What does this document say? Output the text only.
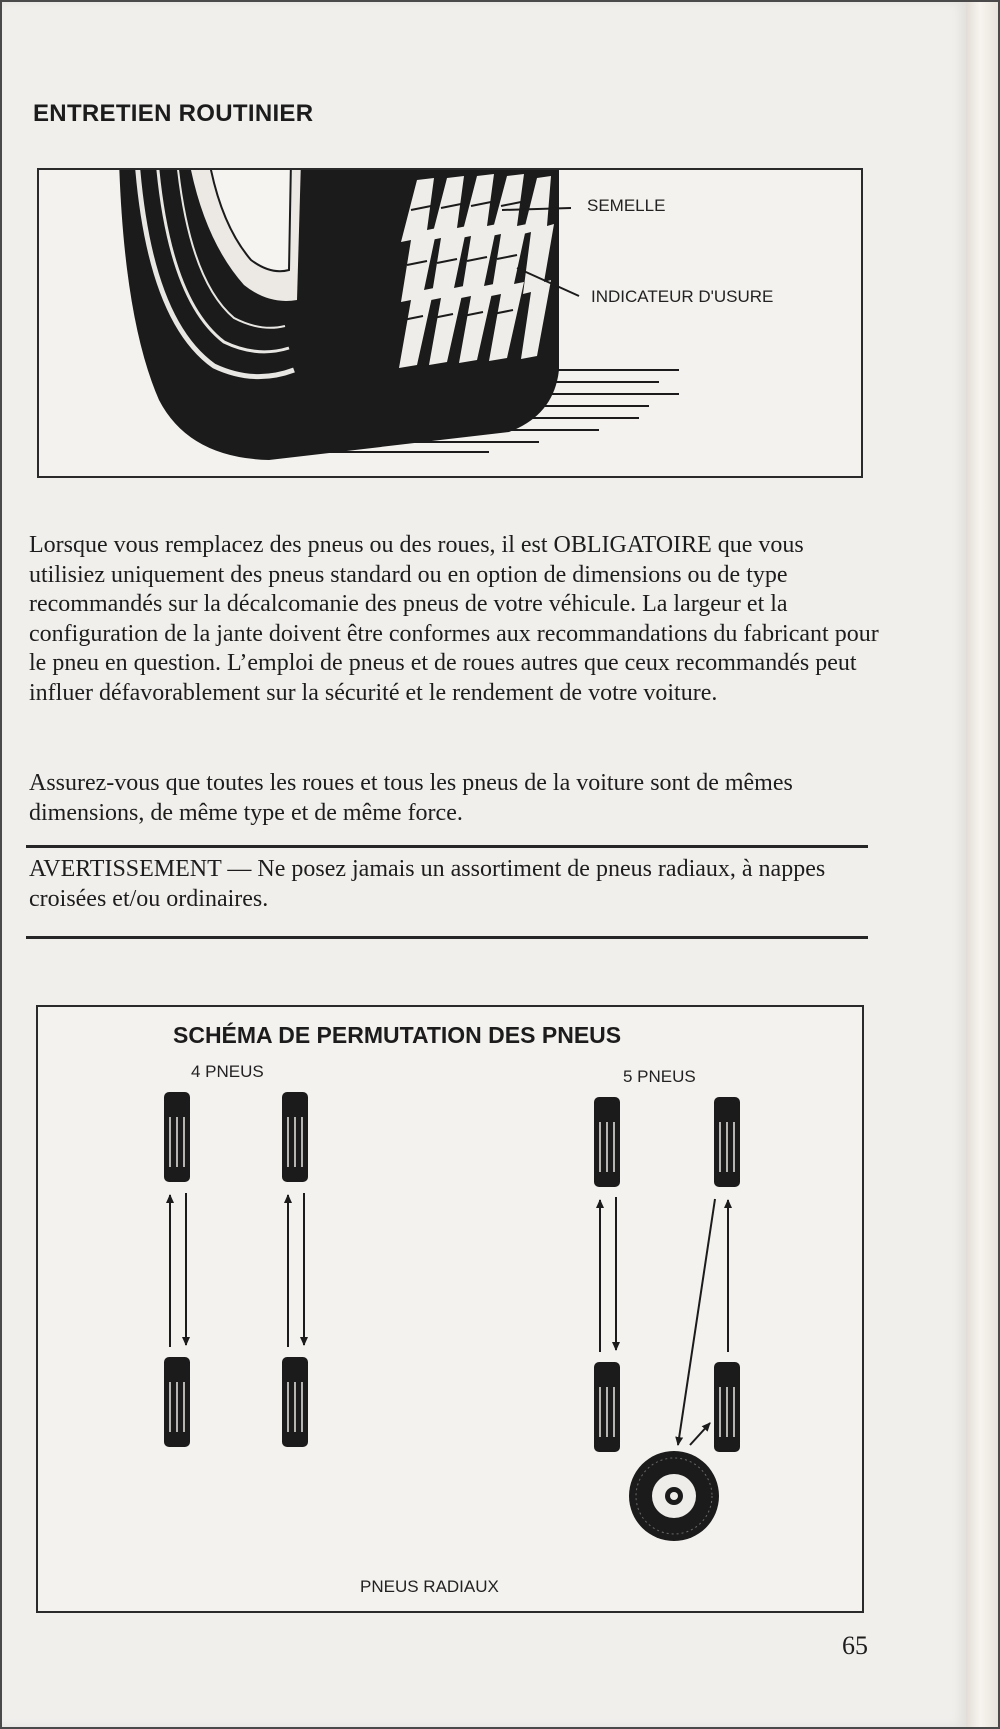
ENTRETIEN ROUTINIER

SEMELLE

INDICATEUR D'USURE

Lorsque vous remplacez des pneus ou des roues, il est OBLIGATOIRE que vous utilisiez uniquement des pneus standard ou en option de dimensions ou de type recommandés sur la décalcomanie des pneus de votre véhicule. La largeur et la configuration de la jante doivent être conformes aux recommandations du fabricant pour le pneu en question. L’emploi de pneus et de roues autres que ceux recommandés peut influer défavorablement sur la sécurité et le rendement de votre voiture.

Assurez-vous que toutes les roues et tous les pneus de la voiture sont de mêmes dimensions, de même type et de même force.

AVERTISSEMENT — Ne posez jamais un assortiment de pneus radiaux, à nappes croisées et/ou ordinaires.

SCHÉMA DE PERMUTATION DES PNEUS

4 PNEUS	5 PNEUS

PNEUS RADIAUX

65
